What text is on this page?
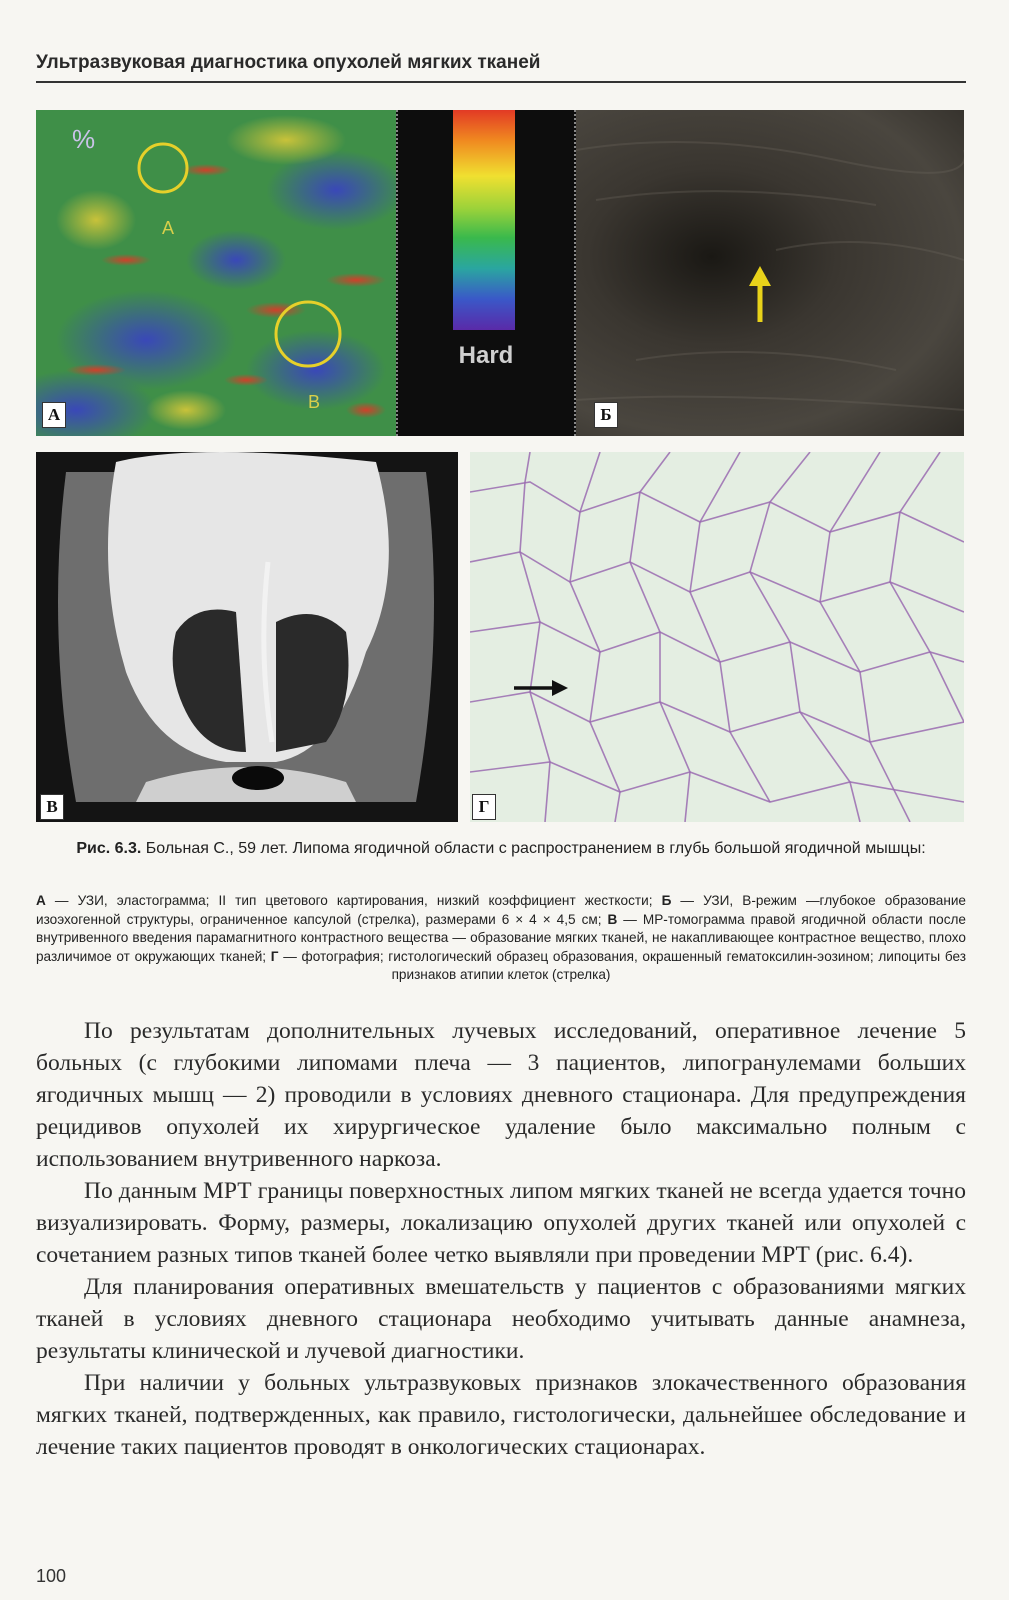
Ультразвуковая диагностика опухолей мягких тканей
%
A
B
А
Hard
Б
В	Г
Рис. 6.3. Больная С., 59 лет. Липома ягодичной области с распространением в глубь большой ягодичной мышцы:
А — УЗИ, эластограмма; II тип цветового картирования, низкий коэффициент жесткости; Б — УЗИ, В-режим —глубокое образование изоэхогенной структуры, ограниченное капсулой (стрелка), размерами 6 × 4 × 4,5 см; В — МР-томограмма правой ягодичной области после внутривенного введения парамагнитного контрастного вещества — образование мягких тканей, не накапливающее контрастное вещество, плохо различимое от окружающих тканей; Г — фотография; гистологический образец образования, окрашенный гематоксилин-эозином; липоциты без признаков атипии клеток (стрелка)

По результатам дополнительных лучевых исследований, оперативное лечение 5 больных (с глубокими липомами плеча — 3 пациентов, липогранулемами больших ягодичных мышц — 2) проводили в условиях дневного стационара. Для предупреждения рецидивов опухолей их хирургическое удаление было максимально полным с использованием внутривенного наркоза.

По данным МРТ границы поверхностных липом мягких тканей не всегда удается точно визуализировать. Форму, размеры, локализацию опухолей других тканей или опухолей с сочетанием разных типов тканей более четко выявляли при проведении МРТ (рис. 6.4).

Для планирования оперативных вмешательств у пациентов с образованиями мягких тканей в условиях дневного стационара необходимо учитывать данные анамнеза, результаты клинической и лучевой диагностики.

При наличии у больных ультразвуковых признаков злокачественного образования мягких тканей, подтвержденных, как правило, гистологически, дальнейшее обследование и лечение таких пациентов проводят в онкологических стационарах.

100
